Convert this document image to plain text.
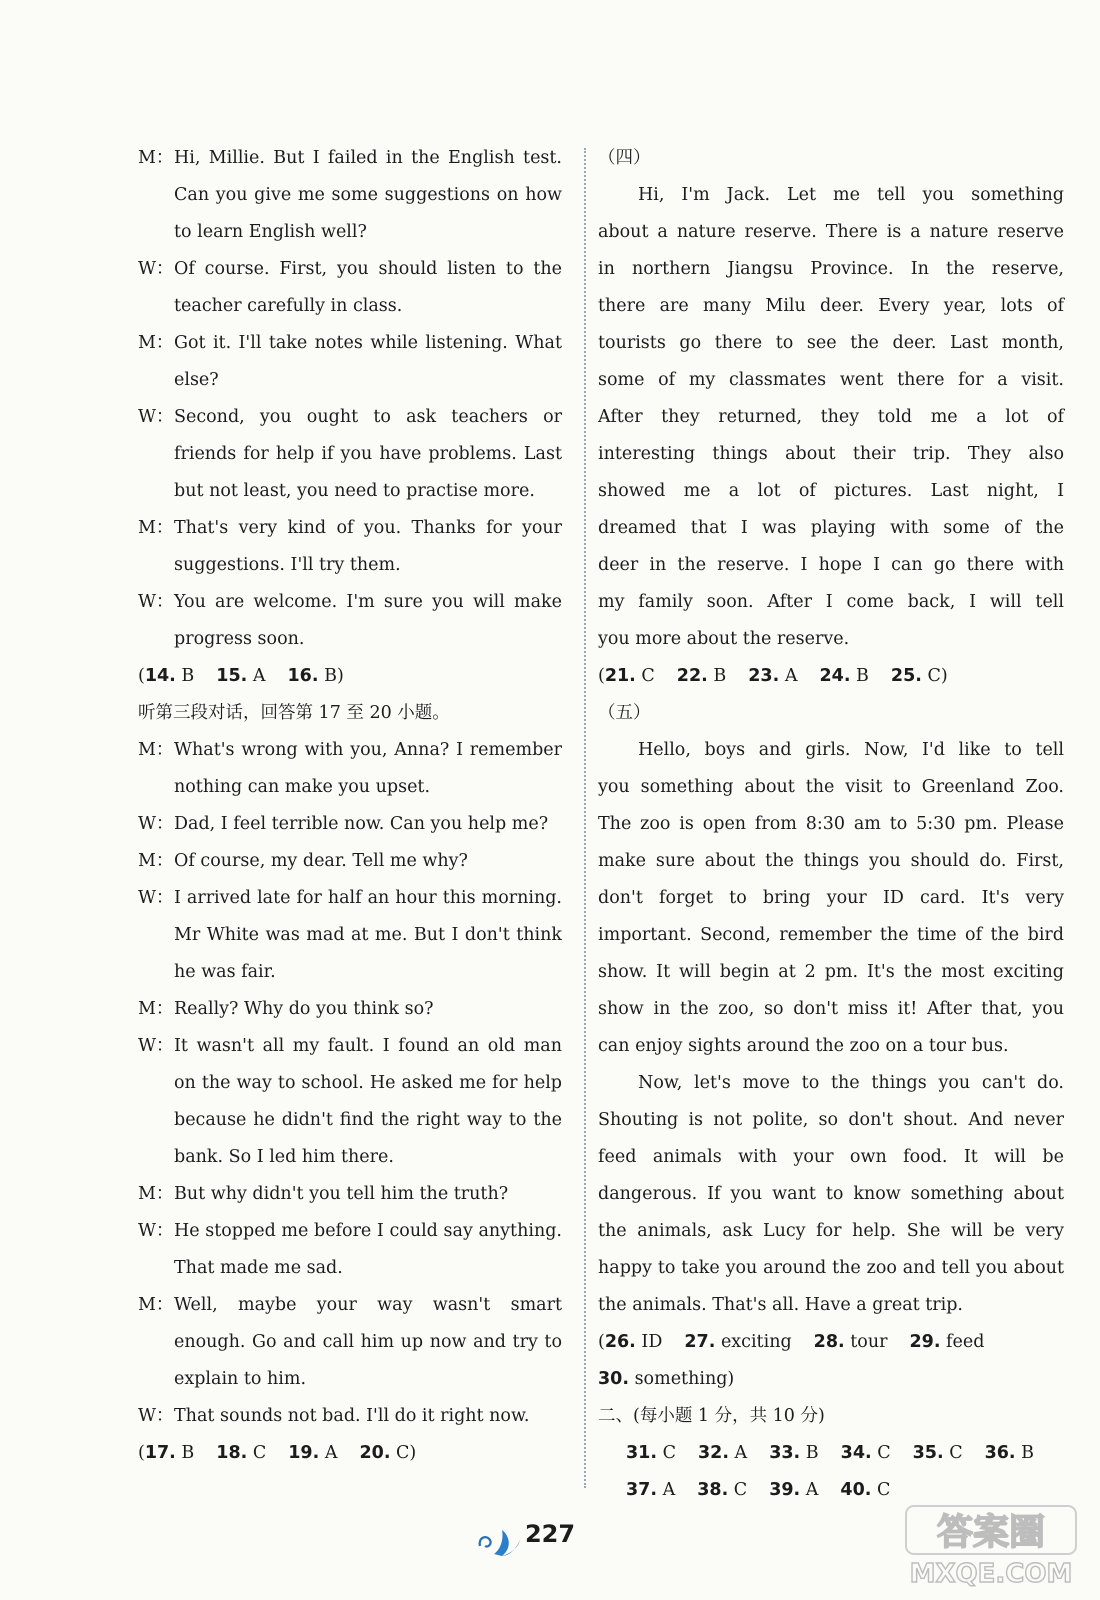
M： Hi, Millie. But I failed in the English test.
Can you give me some suggestions on how
to learn English well?
W： Of course. First, you should listen to the
teacher carefully in class.
M： Got it. I'll take notes while listening. What
else?
W： Second, you ought to ask teachers or
friends for help if you have problems. Last
but not least, you need to practise more.
M： That's very kind of you. Thanks for your
suggestions. I'll try them.
W： You are welcome. I'm sure you will make
progress soon.
(14. B 15. A 16. B)
听第三段对话，回答第 17 至 20 小题。
M： What's wrong with you, Anna? I remember
nothing can make you upset.
W： Dad, I feel terrible now. Can you help me?
M： Of course, my dear. Tell me why?
W： I arrived late for half an hour this morning.
Mr White was mad at me. But I don't think
he was fair.
M： Really? Why do you think so?
W： It wasn't all my fault. I found an old man
on the way to school. He asked me for help
because he didn't find the right way to the
bank. So I led him there.
M： But why didn't you tell him the truth?
W： He stopped me before I could say anything.
That made me sad.
M： Well, maybe your way wasn't smart
enough. Go and call him up now and try to
explain to him.
W： That sounds not bad. I'll do it right now.
(17. B 18. C 19. A 20. C)
（四）
Hi, I'm Jack. Let me tell you something
about a nature reserve. There is a nature reserve
in northern Jiangsu Province. In the reserve,
there are many Milu deer. Every year, lots of
tourists go there to see the deer. Last month,
some of my classmates went there for a visit.
After they returned, they told me a lot of
interesting things about their trip. They also
showed me a lot of pictures. Last night, I
dreamed that I was playing with some of the
deer in the reserve. I hope I can go there with
my family soon. After I come back, I will tell
you more about the reserve.
(21. C 22. B 23. A 24. B 25. C)
（五）
Hello, boys and girls. Now, I'd like to tell
you something about the visit to Greenland Zoo.
The zoo is open from 8:30 am to 5:30 pm. Please
make sure about the things you should do. First,
don't forget to bring your ID card. It's very
important. Second, remember the time of the bird
show. It will begin at 2 pm. It's the most exciting
show in the zoo, so don't miss it! After that, you
can enjoy sights around the zoo on a tour bus.
Now, let's move to the things you can't do.
Shouting is not polite, so don't shout. And never
feed animals with your own food. It will be
dangerous. If you want to know something about
the animals, ask Lucy for help. She will be very
happy to take you around the zoo and tell you about
the animals. That's all. Have a great trip.
(26. ID 27. exciting 28. tour 29. feed
30. something)
二、(每小题 1 分，共 10 分)
31. C 32. A 33. B 34. C 35. C 36. B
37. A 38. C 39. A 40. C
227	答案圈
MXQE.COM
